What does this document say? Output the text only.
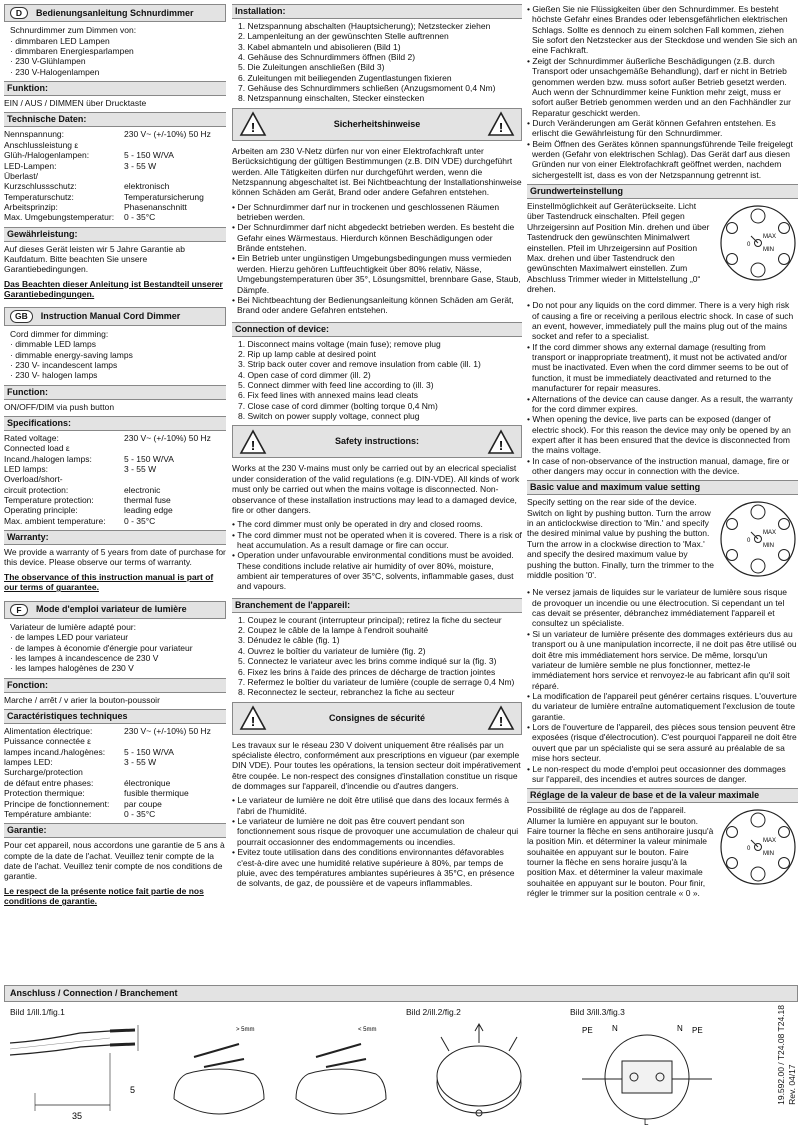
D	Bedienungsanleitung Schnurdimmer

Schnurdimmer zum Dimmen von:

· dimmbaren LED Lampen

· dimmbaren Energiesparlampen

· 230 V-Glühlampen

· 230 V-Halogenlampen

Funktion:

EIN / AUS / DIMMEN über Drucktaste

Technische Daten:
Nennspannung:	230 V~ (+/-10%) 50 Hz
Anschlussleistung ε
Glüh-/Halogenlampen:	5 - 150 W/VA
LED-Lampen:	3 - 55 W
Überlast/
Kurzschlussschutz:	elektronisch
Temperaturschutz:	Temperatursicherung
Arbeitsprinzip:	Phasenanschnitt
Max. Umgebungstemperatur:	0 - 35°C
Gewährleistung:

Auf dieses Gerät leisten wir 5 Jahre Garantie ab Kaufdatum. Bitte beachten Sie unsere Garantiebedingungen.

Das Beachten dieser Anleitung ist Bestandteil unserer Garantiebedingungen.

GB	Instruction Manual Cord Dimmer

Cord dimmer for dimming:

· dimmable LED lamps

· dimmable energy-saving lamps

· 230 V- incandescent lamps

· 230 V- halogen lamps

Function:

ON/OFF/DIM via push button

Specifications:
Rated voltage:	230 V~ (+/-10%) 50 Hz
Connected load ε
Incand./halogen lamps:	5 - 150 W/VA
LED lamps:	3 - 55 W
Overload/short-
circuit protection:	electronic
Temperature protection:	thermal fuse
Operating principle:	leading edge
Max. ambient temperature:	0 - 35°C
Warranty:

We provide a warranty of 5 years from date of purchase for this device. Please observe our terms of warranty.

The observance of this instruction manual is part of our terms of guarantee.

F	Mode d'emploi variateur de lumière

Variateur de lumière adapté pour:

· de lampes LED pour variateur

· de lampes à économie d'énergie pour variateur

· les lampes à incandescence de 230 V

· les lampes halogènes de 230 V

Fonction:

Marche / arrêt / v arier la bouton-poussoir

Caractéristiques techniques
Alimentation électrique:	230 V~ (+/-10%) 50 Hz
Puissance connectée ε
lampes incand./halogènes:	5 - 150 W/VA
lampes LED:	3 - 55 W
Surcharge/protection
de défaut entre phases:	électronique
Protection thermique:	fusible thermique
Principe de fonctionnement:	par coupe
Température ambiante:	0 - 35°C
Garantie:

Pour cet appareil, nous accordons une garantie de 5 ans à compte de la date de l'achat. Veuillez tenir compte de la date de l'achat. Veuillez tenir compte de nos conditions de garantie.

Le respect de la présente notice fait partie de nos conditions de garantie.

Installation:

1. Netzspannung abschalten (Hauptsicherung); Netzstecker ziehen

2. Lampenleitung an der gewünschten Stelle auftrennen

3. Kabel abmanteln und abisolieren (Bild 1)

4. Gehäuse des Schnurdimmers öffnen (Bild 2)

5. Die Zuleitungen anschließen (Bild 3)

6. Zuleitungen mit beiliegenden Zugentlastungen fixieren

7. Gehäuse des Schnurdimmers schließen (Anzugsmoment 0,4 Nm)

8. Netzspannung einschalten, Stecker einstecken

Sicherheitshinweise

Arbeiten am 230 V-Netz dürfen nur von einer Elektrofachkraft unter Berücksichtigung der gültigen Bestimmungen (z.B. DIN VDE) durchgeführt werden. Alle Tätigkeiten dürfen nur durchgeführt werden, wenn die Netzspannung abgeschaltet ist. Bei Nichtbeachtung der Installationshinweise können Schäden am Gerät, Brand oder andere Gefahren entstehen.

• Der Schnurdimmer darf nur in trockenen und geschlossenen Räumen betrieben werden.

• Der Schnurdimmer darf nicht abgedeckt betrieben werden. Es besteht die Gefahr eines Wärmestaus. Hierdurch können Beschädigungen oder Brände entstehen.

• Ein Betrieb unter ungünstigen Umgebungsbedingungen muss vermieden werden. Hierzu gehören Luftfeuchtigkeit über 80% relativ, Nässe, Umgebungstemperaturen über 35°, Lösungsmittel, brennbare Gase, Staub, Dämpfe.

• Bei Nichtbeachtung der Bedienungsanleitung können Schäden am Gerät, Brand oder andere Gefahren entstehen.

Connection of device:

1. Disconnect mains voltage (main fuse); remove plug

2. Rip up lamp cable at desired point

3. Strip back outer cover and remove insulation from cable (ill. 1)

4. Open case of cord dimmer (ill. 2)

5. Connect dimmer with feed line according to (ill. 3)

6. Fix feed lines with annexed mains lead cleats

7. Close case of cord dimmer (bolting torque 0,4 Nm)

8. Switch on power supply voltage, connect plug

Safety instructions:

Works at the 230 V-mains must only be carried out by an elecrical specialist under consideration of the valid regulations (e.g. DIN-VDE). All kinds of work must only be carried out when the mains voltage is disconnected. Non-observance of these installation instructions may lead to a damaged device, fire or other dangers.

• The cord dimmer must only be operated in dry and closed rooms.

• The cord dimmer must not be operated when it is covered. There is a risk of heat accumulation. As a result damage or fire can occur.

• Operation under unfavourable environmental conditions must be avoided. These conditions include relative air humidity of over 80%, moisture, ambient air temperatures of over 35°C, solvents, inflammable gases, dust and vapours.

Branchement de l'appareil:

1. Coupez le courant (interrupteur principal); retirez la fiche du secteur

2. Coupez le câble de la lampe à l'endroit souhaité

3. Dénudez le câble (fig. 1)

4. Ouvrez le boîtier du variateur de lumière (fig. 2)

5. Connectez le variateur avec les brins comme indiqué sur la (fig. 3)

6. Fixez les brins à l'aide des princes de décharge de traction jointes

7. Refermez le boîtier du variateur de lumière (couple de serrage 0,4 Nm)

8. Reconnectez le secteur, rebranchez la fiche au secteur

Consignes de sécurité

Les travaux sur le réseau 230 V doivent uniquement être réalisés par un spécialiste électro, conformément aux prescriptions en vigueur (par exemple DIN VDE). Pour toutes les opérations, la tension secteur doit impérativement être coupée. Le non-respect des consignes d'installation constitue un risque de dommages sur l'appareil, d'incendie ou d'autres dangers.

• Le variateur de lumière ne doit être utilisé que dans des locaux fermés à l'abri de l'humidité.

• Le variateur de lumière ne doit pas être couvert pendant son fonctionnement sous risque de provoquer une accumulation de chaleur qui pourrait occasionner des endommagements ou incendies.

• Evitez toute utilisation dans des conditions environnantes défavorables c'est-à-dire avec une humidité relative supérieure à 80%, par temps de pluie, avec des températures ambiantes supérieures à 35°C, en présence de solvants, de gaz, de poussière et de vapeurs inflammables.

• Gießen Sie nie Flüssigkeiten über den Schnurdimmer. Es besteht höchste Gefahr eines Brandes oder lebensgefährlichen elektrischen Schlags. Sollte es dennoch zu einem solchen Fall kommen, ziehen Sie sofort den Netzstecker aus der Steckdose und wenden Sie sich an eine Fachkraft.

• Zeigt der Schnurdimmer äußerliche Beschädigungen (z.B. durch Transport oder unsachgemäße Behandlung), darf er nicht in Betrieb genommen werden bzw. muss sofort außer Betrieb gesetzt werden. Auch wenn der Schnurdimmer keine Funktion mehr zeigt, muss er sofort außer Betrieb genommen werden und an den Fachhändler zur Reparatur geschickt werden.

• Durch Veränderungen am Gerät können Gefahren entstehen. Es erlischt die Gewährleistung für den Schnurdimmer.

• Beim Öffnen des Gerätes können spannungsführende Teile freigelegt werden (Gefahr von elektrischen Schlag). Das Gerät darf aus diesen Gründen nur von einer Elektrofachkraft geöffnet werden, nachdem sichergestellt ist, dass es von der Netzspannung getrennt ist.

Grundwerteinstellung

Einstellmöglichkeit auf Geräterückseite. Licht über Tastendruck einschalten. Pfeil gegen Uhrzeigersinn auf Position Min. drehen und über Tastendruck den gewünschten Minimalwert einstellen. Pfeil im Uhrzeigersinn auf Position Max. drehen und über Tastendruck den gewünschten Maximalwert einstellen. Zum Abschluss Trimmer wieder in Mittelstellung „0“ drehen.

MAX
MIN
0

• Do not pour any liquids on the cord dimmer. There is a very high risk of causing a fire or receiving a perilous electric shock. In case of such an event, however, immediately pull the mains plug out of the mains socket and refer to a specialist.

• If the cord dimmer shows any external damage (resulting from transport or inappropriate treatment), it must not be activated and/or must be inactivated. Even when the cord dimmer seems to be out of function, it must be immediately deactivated and returned to the manufacturer for repair measures.

• Alternations of the device can cause danger. As a result, the warranty for the cord dimmer expires.

• When opening the device, live parts can be exposed (danger of electric shock). For this reason the device may only be opened by an expert after it has been ensured that the device is disconnected from the mains voltage.

• In case of non-observance of the instruction manual, damage, fire or other dangers may occur in connection with the device.

Basic value and maximum value setting

Specify setting on the rear side of the device. Switch on light by pushing button. Turn the arrow in an anticlockwise direction to 'Min.' and specify the desired minimal value by pushing the button. Turn the arrow in a clockwise direction to 'Max.' and specify the desired maximum value by pushing the button. Finally, turn the trimmer to the middle position '0'.

MAX
MIN
0

• Ne versez jamais de liquides sur le variateur de lumière sous risque de provoquer un incendie ou une électrocution. Si cependant un tel cas devait se présenter, débranchez immédiatement l'appareil et consultez un spécialiste.

• Si un variateur de lumière présente des dommages extérieurs dus au transport ou à une manipulation incorrecte, il ne doit pas être utilisé ou doit être mis immédiatement hors service. De même, lorsqu'un variateur de lumière semble ne plus fonctionner, mettez-le immédiatement hors service et renvoyez-le au fabricant afin qu'il soit réparé.

• La modification de l'appareil peut générer certains risques. L'ouverture du variateur de lumière entraîne automatiquement l'exclusion de toute garantie.

• Lors de l'ouverture de l'appareil, des pièces sous tension peuvent être exposées (risque d'électrocution). C'est pourquoi l'appareil ne doit être ouvert que par un spécialiste qui se sera assuré au préalable de sa mise hors secteur.

• Le non-respect du mode d'emploi peut occasionner des dommages sur l'appareil, des incendies et autres sources de danger.

Réglage de la valeur de base et de la valeur maximale

Possibilité de réglage au dos de l'appareil. Allumer la lumière en appuyant sur le bouton. Faire tourner la flèche en sens antihoraire jusqu'à la position Min. et déterminer la valeur minimale souhaitée en appuyant sur le bouton. Faire tourner la flèche en sens horaire jusqu'à la position Max. et déterminer la valeur maximale souhaitée en appuyant sur le bouton. Pour finir, régler le trimmer sur la position centrale « 0 ».

MAX
MIN
0
Anschluss / Connection / Branchement
Bild 1/ill.1/fig.1	Bild 2/ill.2/fig.2	Bild 3/ill.3/fig.3
5
35
> 5mm	< 5mm	PE	PE
N	N
L
19.592.00 / T24.08 T24.18
Rev. 04/17
